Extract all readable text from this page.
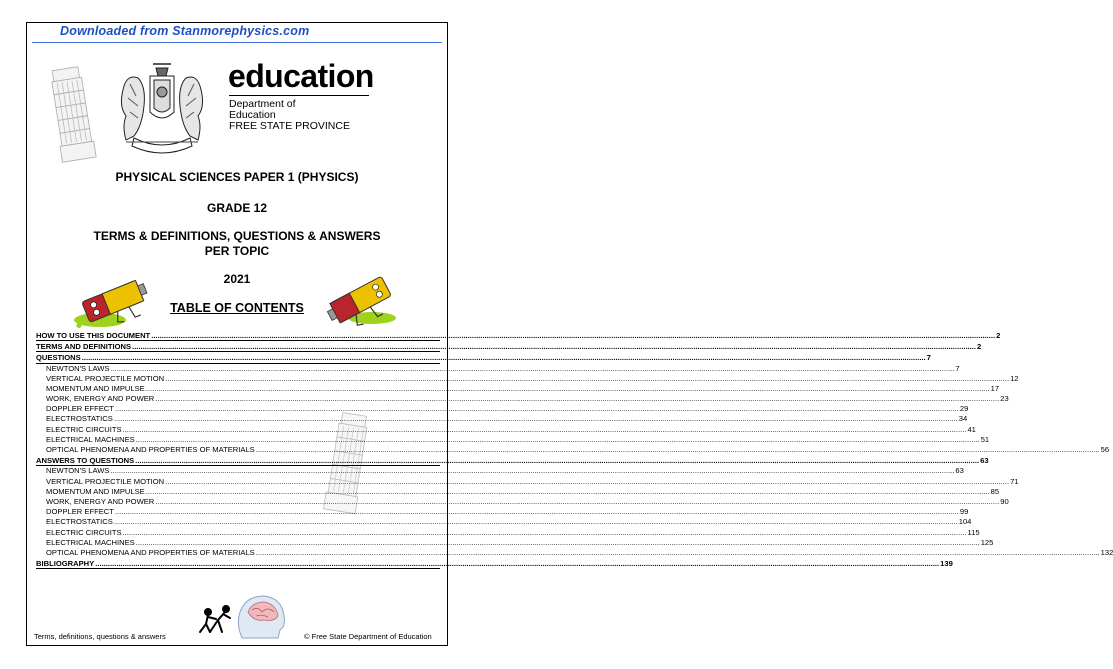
Downloaded from Stanmorephysics.com
education
Department of
Education
FREE STATE PROVINCE
PHYSICAL SCIENCES PAPER 1 (PHYSICS)
GRADE 12
TERMS & DEFINITIONS, QUESTIONS & ANSWERS
PER TOPIC
2021
TABLE OF CONTENTS
HOW TO USE THIS DOCUMENT ................................................................................................................................................................................................................................................................................................................................................................................................................ 2
TERMS AND DEFINITIONS ................................................................................................................................................................................................................................................................................................................................................................................................................ 2
QUESTIONS ................................................................................................................................................................................................................................................................................................................................................................................................................ 7
NEWTON'S LAWS ................................................................................................................................................................................................................................................................................................................................................................................................................ 7
VERTICAL PROJECTILE MOTION ................................................................................................................................................................................................................................................................................................................................................................................................................ 12
MOMENTUM AND IMPULSE ................................................................................................................................................................................................................................................................................................................................................................................................................ 17
WORK, ENERGY AND POWER ................................................................................................................................................................................................................................................................................................................................................................................................................ 23
DOPPLER EFFECT ................................................................................................................................................................................................................................................................................................................................................................................................................ 29
ELECTROSTATICS ................................................................................................................................................................................................................................................................................................................................................................................................................ 34
ELECTRIC CIRCUITS ................................................................................................................................................................................................................................................................................................................................................................................................................ 41
ELECTRICAL MACHINES ................................................................................................................................................................................................................................................................................................................................................................................................................ 51
OPTICAL PHENOMENA AND PROPERTIES OF MATERIALS ................................................................................................................................................................................................................................................................................................................................................................................................................ 56
ANSWERS TO QUESTIONS ................................................................................................................................................................................................................................................................................................................................................................................................................ 63
NEWTON'S LAWS ................................................................................................................................................................................................................................................................................................................................................................................................................ 63
VERTICAL PROJECTILE MOTION ................................................................................................................................................................................................................................................................................................................................................................................................................ 71
MOMENTUM AND IMPULSE ................................................................................................................................................................................................................................................................................................................................................................................................................ 85
WORK, ENERGY AND POWER ................................................................................................................................................................................................................................................................................................................................................................................................................ 90
DOPPLER EFFECT ................................................................................................................................................................................................................................................................................................................................................................................................................ 99
ELECTROSTATICS ................................................................................................................................................................................................................................................................................................................................................................................................................ 104
ELECTRIC CIRCUITS ................................................................................................................................................................................................................................................................................................................................................................................................................ 115
ELECTRICAL MACHINES ................................................................................................................................................................................................................................................................................................................................................................................................................ 125
OPTICAL PHENOMENA AND PROPERTIES OF MATERIALS ................................................................................................................................................................................................................................................................................................................................................................................................................ 132
BIBLIOGRAPHY ................................................................................................................................................................................................................................................................................................................................................................................................................ 139
Terms, definitions, questions & answers	© Free State Department of Education
